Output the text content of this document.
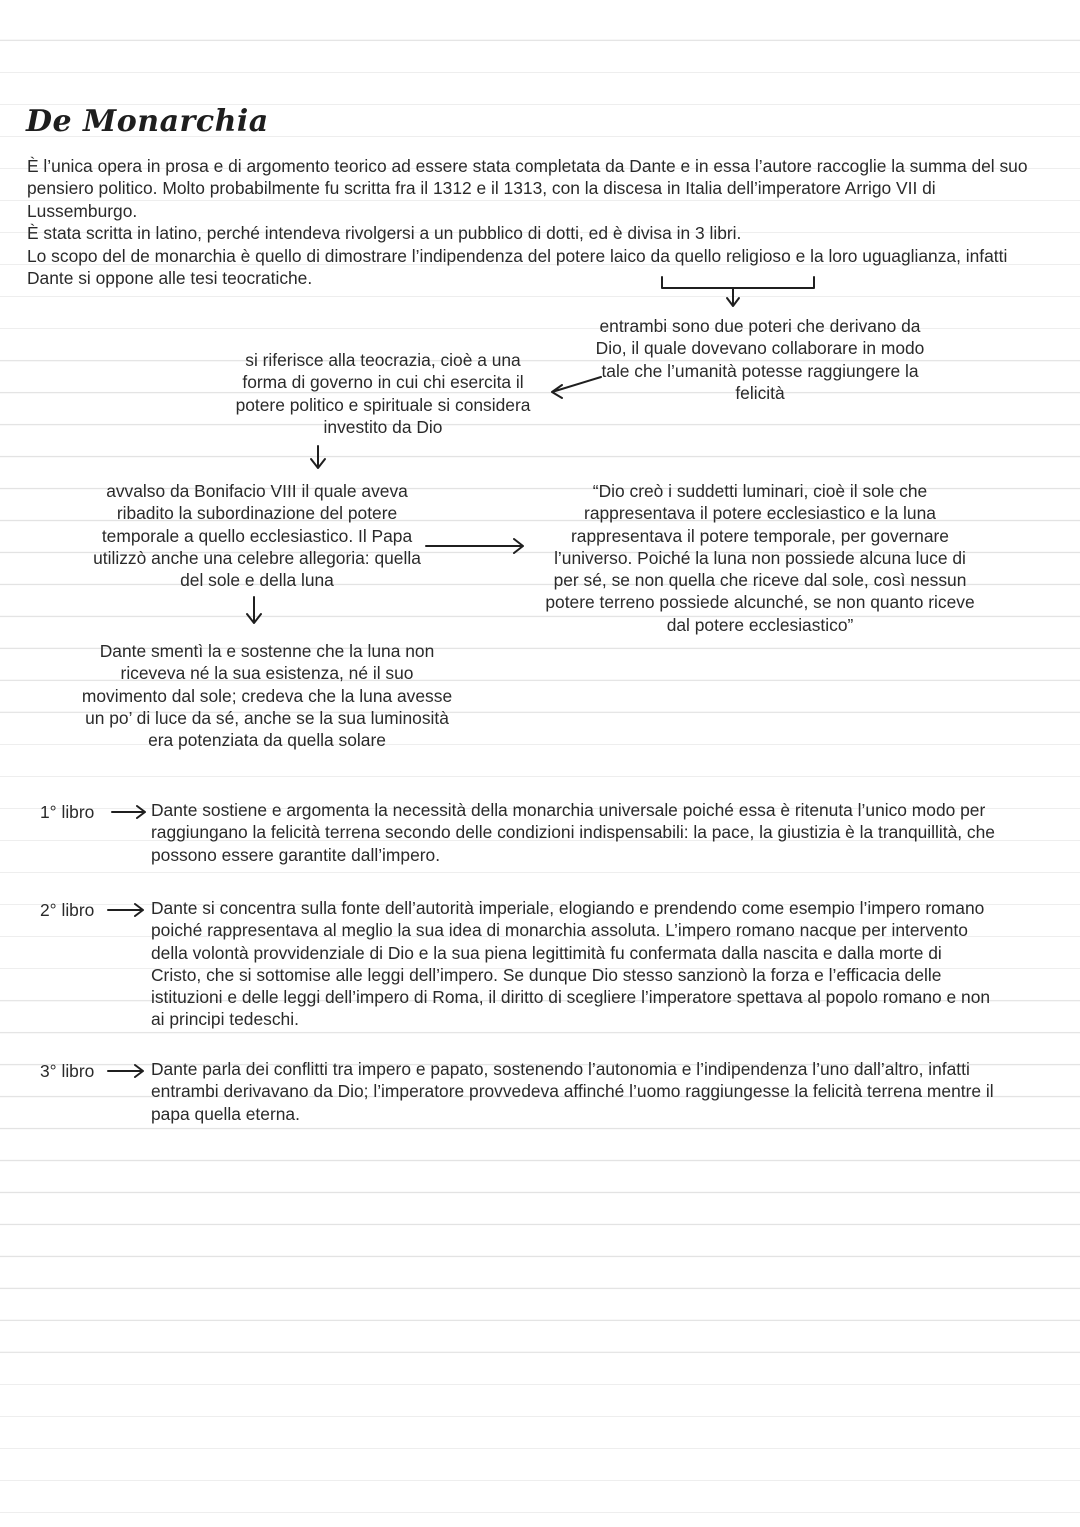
De Monarchia

È l’unica opera in prosa e di argomento teorico ad essere stata completata da Dante e in essa l’autore raccoglie la summa del suo pensiero politico. Molto probabilmente fu scritta fra il 1312 e il 1313, con la discesa in Italia dell’imperatore Arrigo VII di Lussemburgo.

È stata scritta in latino, perché intendeva rivolgersi a un pubblico di dotti, ed è divisa in 3 libri.

Lo scopo del de monarchia è quello di dimostrare l’indipendenza del potere laico da quello religioso e la loro uguaglianza, infatti Dante si oppone alle tesi teocratiche.

entrambi sono due poteri che derivano da Dio, il quale dovevano collaborare in modo tale che l’umanità potesse raggiungere la felicità
si riferisce alla teocrazia, cioè a una forma di governo in cui chi esercita il potere politico e spirituale si considera investito da Dio
avvalso da Bonifacio VIII il quale aveva ribadito la subordinazione del potere temporale a quello ecclesiastico. Il Papa utilizzò anche una celebre allegoria: quella del sole e della luna
“Dio creò i suddetti luminari, cioè il sole che rappresentava il potere ecclesiastico e la luna rappresentava il potere temporale, per governare l’universo. Poiché la luna non possiede alcuna luce di per sé, se non quella che riceve dal sole, così nessun potere terreno possiede alcunché, se non quanto riceve dal potere ecclesiastico”
Dante smentì la e sostenne che la luna non riceveva né la sua esistenza, né il suo movimento dal sole; credeva che la luna avesse un po’ di luce da sé, anche se la sua luminosità era potenziata da quella solare
1° libro	Dante sostiene e argomenta la necessità della monarchia universale poiché essa è ritenuta l’unico modo per raggiungano la felicità terrena secondo delle condizioni indispensabili: la pace, la giustizia è la tranquillità, che possono essere garantite dall’impero.
2° libro	Dante si concentra sulla fonte dell’autorità imperiale, elogiando e prendendo come esempio l’impero romano poiché rappresentava al meglio la sua idea di monarchia assoluta. L’impero romano nacque per intervento della volontà provvidenziale di Dio e la sua piena legittimità fu confermata dalla nascita e dalla morte di Cristo, che si sottomise alle leggi dell’impero. Se dunque Dio stesso sanzionò la forza e l’efficacia delle istituzioni e delle leggi dell’impero di Roma, il diritto di scegliere l’imperatore spettava al popolo romano e non ai principi tedeschi.
3° libro	Dante parla dei conflitti tra impero e papato, sostenendo l’autonomia e l’indipendenza l’uno dall’altro, infatti entrambi derivavano da Dio; l’imperatore provvedeva affinché l’uomo raggiungesse la felicità terrena mentre il papa quella eterna.
